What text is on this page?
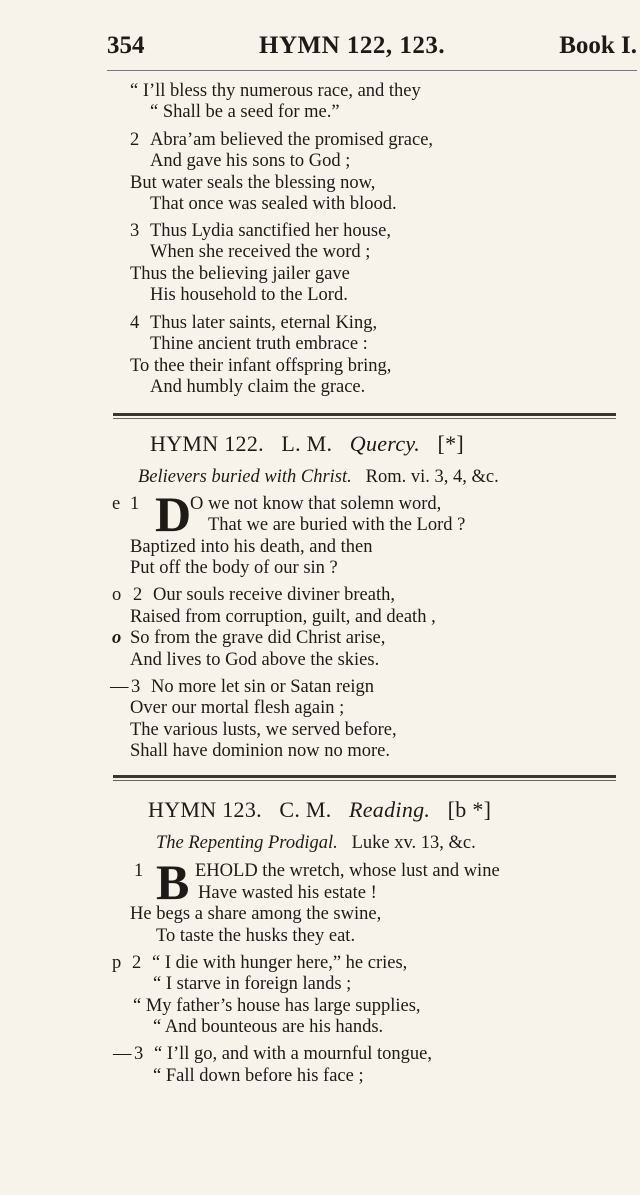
354	HYMN 122, 123.	Book I.
“ I’ll bless thy numerous race, and they
“ Shall be a seed for me.”
2 Abra’am believed the promised grace,
And gave his sons to God ;
But water seals the blessing now,
That once was sealed with blood.
3 Thus Lydia sanctified her house,
When she received the word ;
Thus the believing jailer gave
His household to the Lord.
4 Thus later saints, eternal King,
Thine ancient truth embrace :
To thee their infant offspring bring,
And humbly claim the grace.
HYMN 122. L. M. Quercy. [*]
Believers buried with Christ. Rom. vi. 3, 4, &c.
e 1 D
O we not know that solemn word,
That we are buried with the Lord ?
Baptized into his death, and then
Put off the body of our sin ?
o 2 Our souls receive diviner breath,
Raised from corruption, guilt, and death ,
o So from the grave did Christ arise,
And lives to God above the skies.
— 3 No more let sin or Satan reign
Over our mortal flesh again ;
The various lusts, we served before,
Shall have dominion now no more.
HYMN 123. C. M. Reading. [b *]
The Repenting Prodigal. Luke xv. 13, &c.
1 B EHOLD the wretch, whose lust and wine
Have wasted his estate !
He begs a share among the swine,
To taste the husks they eat.
p 2 “ I die with hunger here,” he cries,
“ I starve in foreign lands ;
“ My father’s house has large supplies,
“ And bounteous are his hands.
— 3 “ I’ll go, and with a mournful tongue,
“ Fall down before his face ;
